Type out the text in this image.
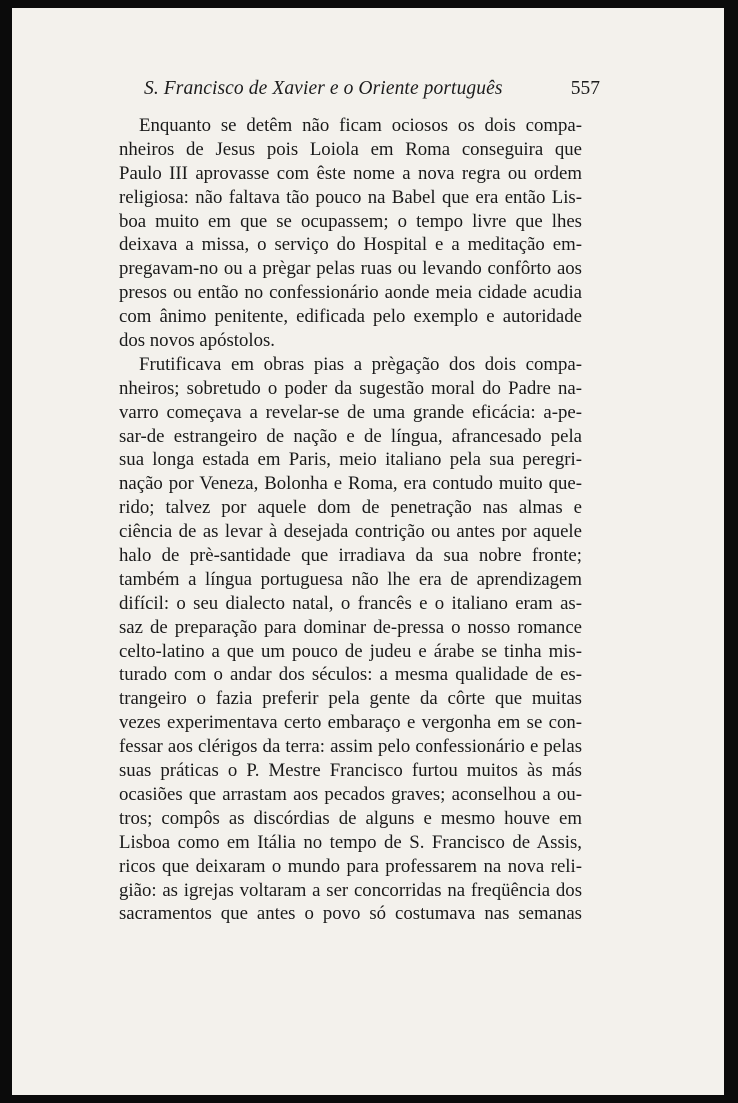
S. Francisco de Xavier e o Oriente português	557
Enquanto se detêm não ficam ociosos os dois compa-
nheiros de Jesus pois Loiola em Roma conseguira que
Paulo III aprovasse com êste nome a nova regra ou ordem
religiosa: não faltava tão pouco na Babel que era então Lis-
boa muito em que se ocupassem; o tempo livre que lhes
deixava a missa, o serviço do Hospital e a meditação em-
pregavam-no ou a prègar pelas ruas ou levando confôrto aos
presos ou então no confessionário aonde meia cidade acudia
com ânimo penitente, edificada pelo exemplo e autoridade
dos novos apóstolos.
Frutificava em obras pias a prègação dos dois compa-
nheiros; sobretudo o poder da sugestão moral do Padre na-
varro começava a revelar-se de uma grande eficácia: a-pe-
sar-de estrangeiro de nação e de língua, afrancesado pela
sua longa estada em Paris, meio italiano pela sua peregri-
nação por Veneza, Bolonha e Roma, era contudo muito que-
rido; talvez por aquele dom de penetração nas almas e
ciência de as levar à desejada contrição ou antes por aquele
halo de prè-santidade que irradiava da sua nobre fronte;
também a língua portuguesa não lhe era de aprendizagem
difícil: o seu dialecto natal, o francês e o italiano eram as-
saz de preparação para dominar de-pressa o nosso romance
celto-latino a que um pouco de judeu e árabe se tinha mis-
turado com o andar dos séculos: a mesma qualidade de es-
trangeiro o fazia preferir pela gente da côrte que muitas
vezes experimentava certo embaraço e vergonha em se con-
fessar aos clérigos da terra: assim pelo confessionário e pelas
suas práticas o P. Mestre Francisco furtou muitos às más
ocasiões que arrastam aos pecados graves; aconselhou a ou-
tros; compôs as discórdias de alguns e mesmo houve em
Lisboa como em Itália no tempo de S. Francisco de Assis,
ricos que deixaram o mundo para professarem na nova reli-
gião: as igrejas voltaram a ser concorridas na freqüência dos
sacramentos que antes o povo só costumava nas semanas
